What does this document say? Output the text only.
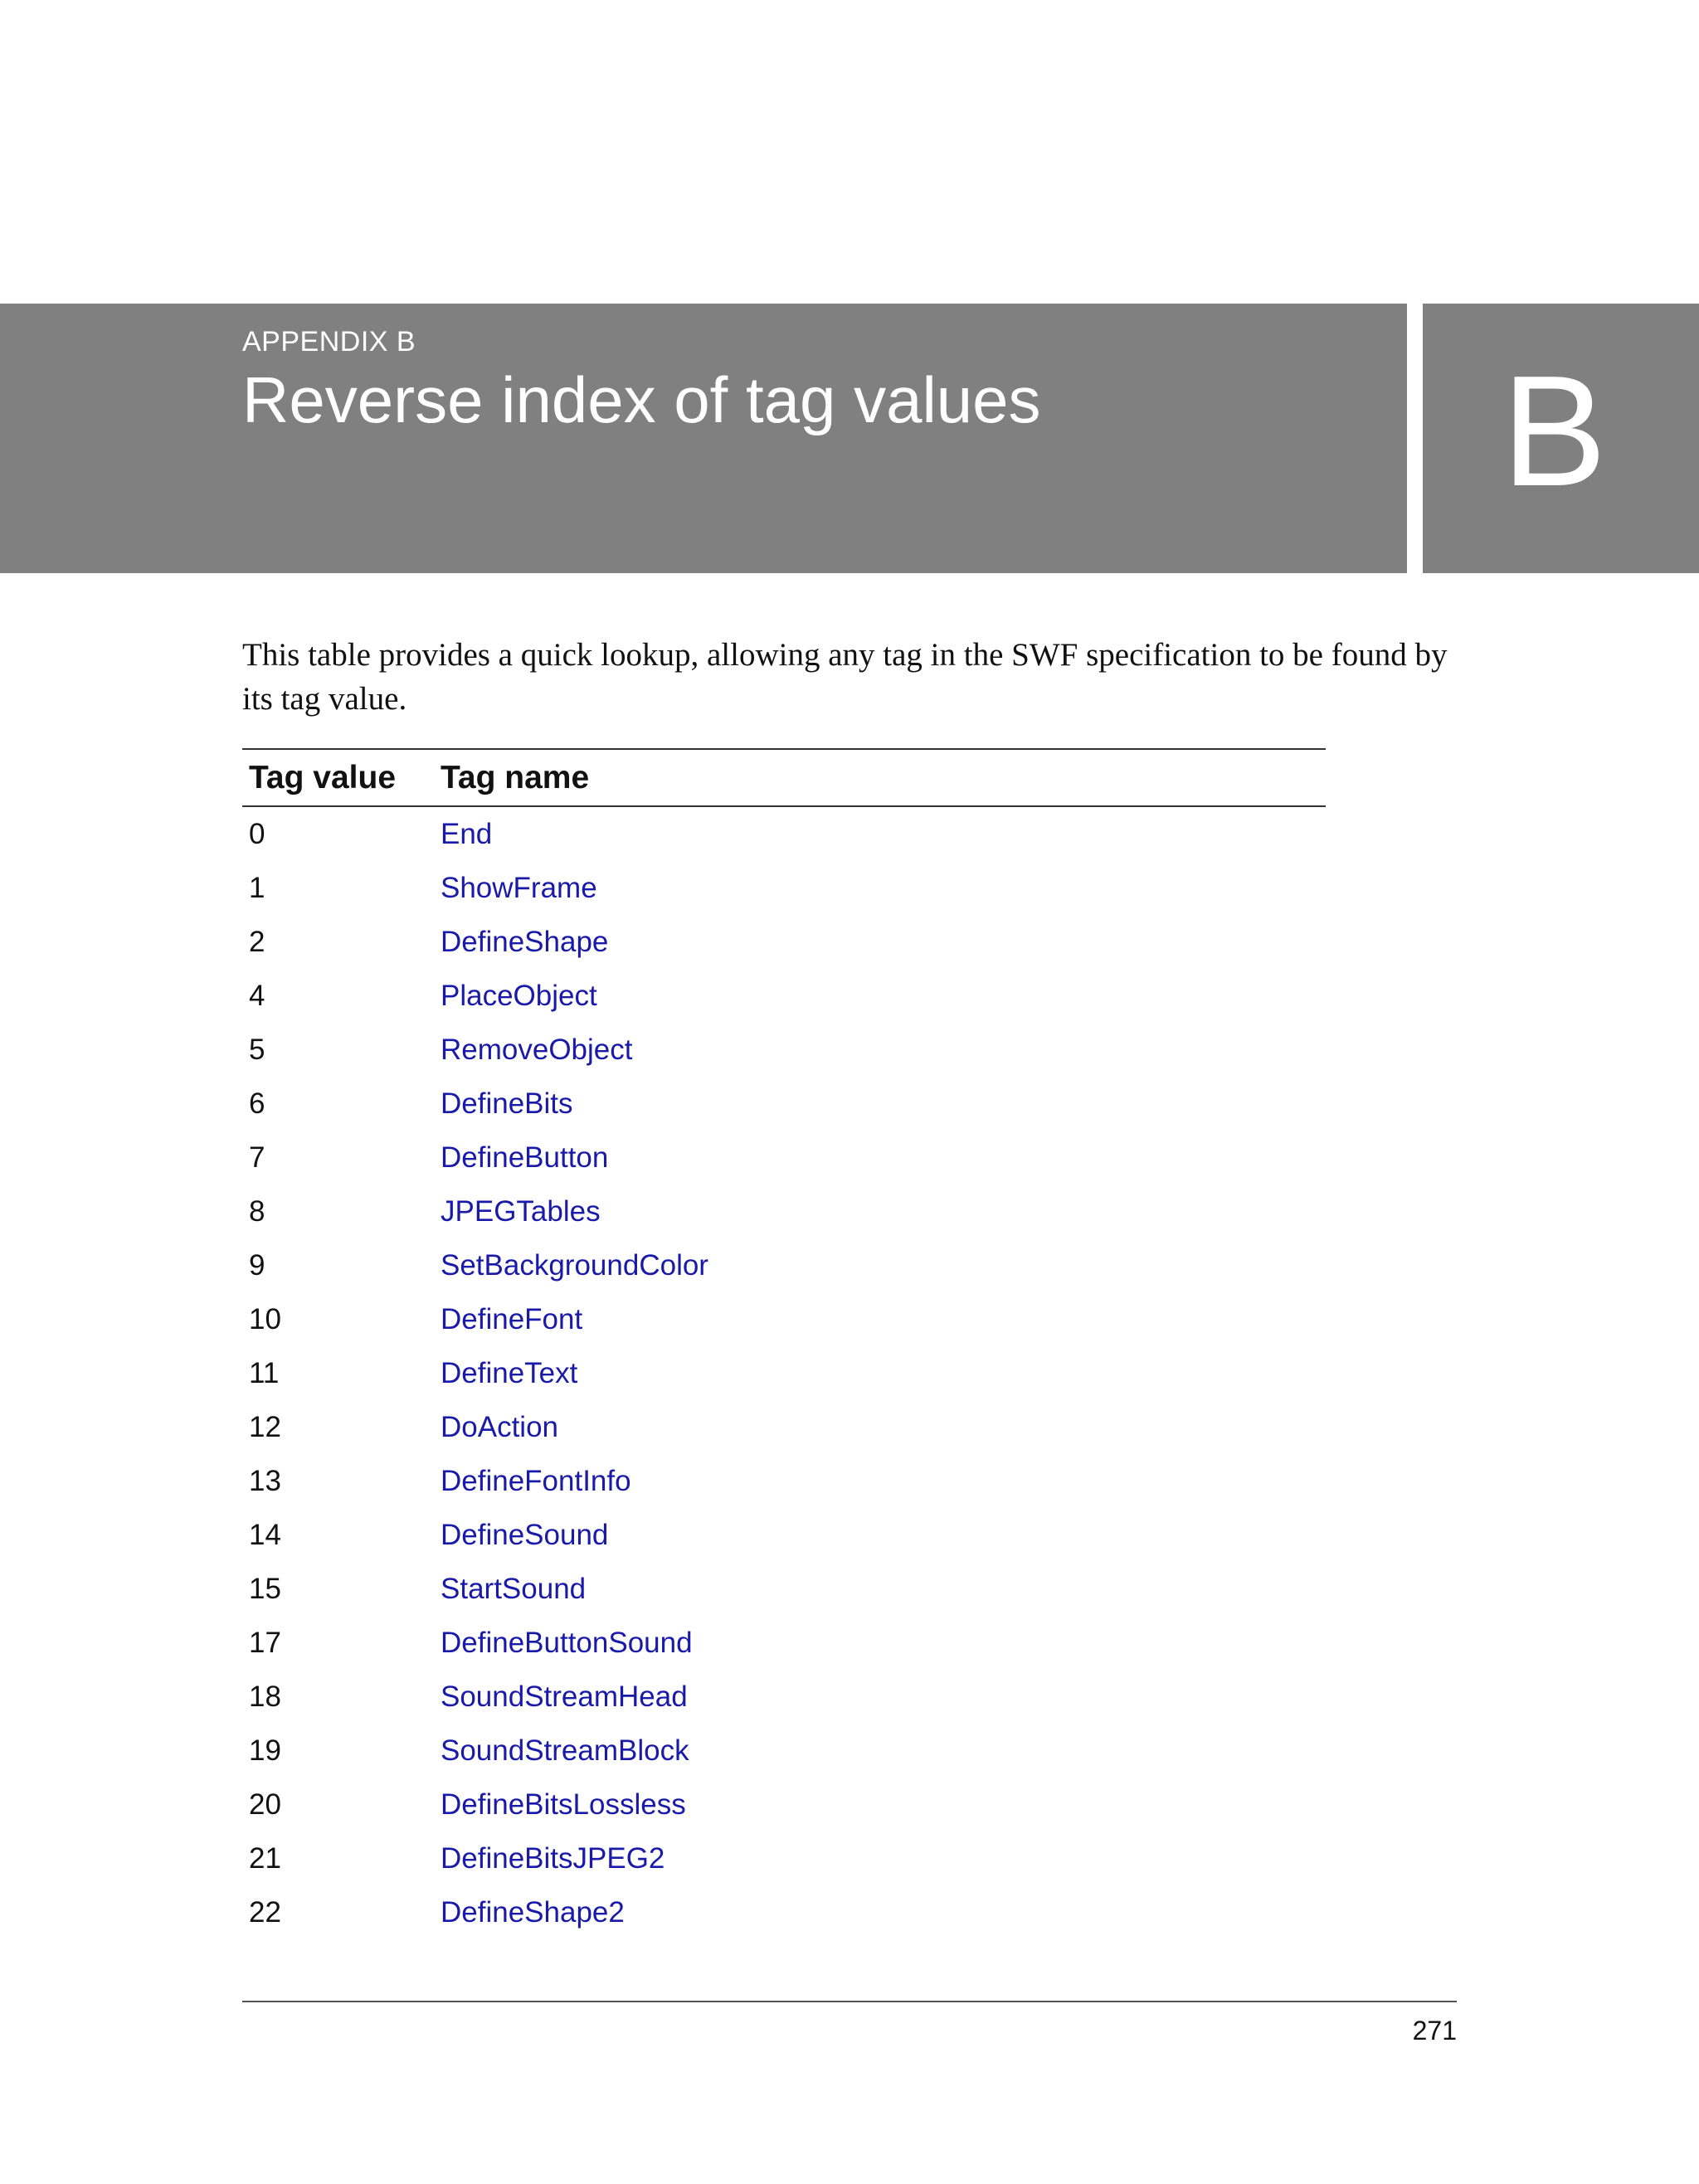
APPENDIX B
Reverse index of tag values	B

This table provides a quick lookup, allowing any tag in the SWF specification to be found by its tag value.

Tag value	Tag name
0	End
1	ShowFrame
2	DefineShape
4	PlaceObject
5	RemoveObject
6	DefineBits
7	DefineButton
8	JPEGTables
9	SetBackgroundColor
10	DefineFont
11	DefineText
12	DoAction
13	DefineFontInfo
14	DefineSound
15	StartSound
17	DefineButtonSound
18	SoundStreamHead
19	SoundStreamBlock
20	DefineBitsLossless
21	DefineBitsJPEG2
22	DefineShape2
271
